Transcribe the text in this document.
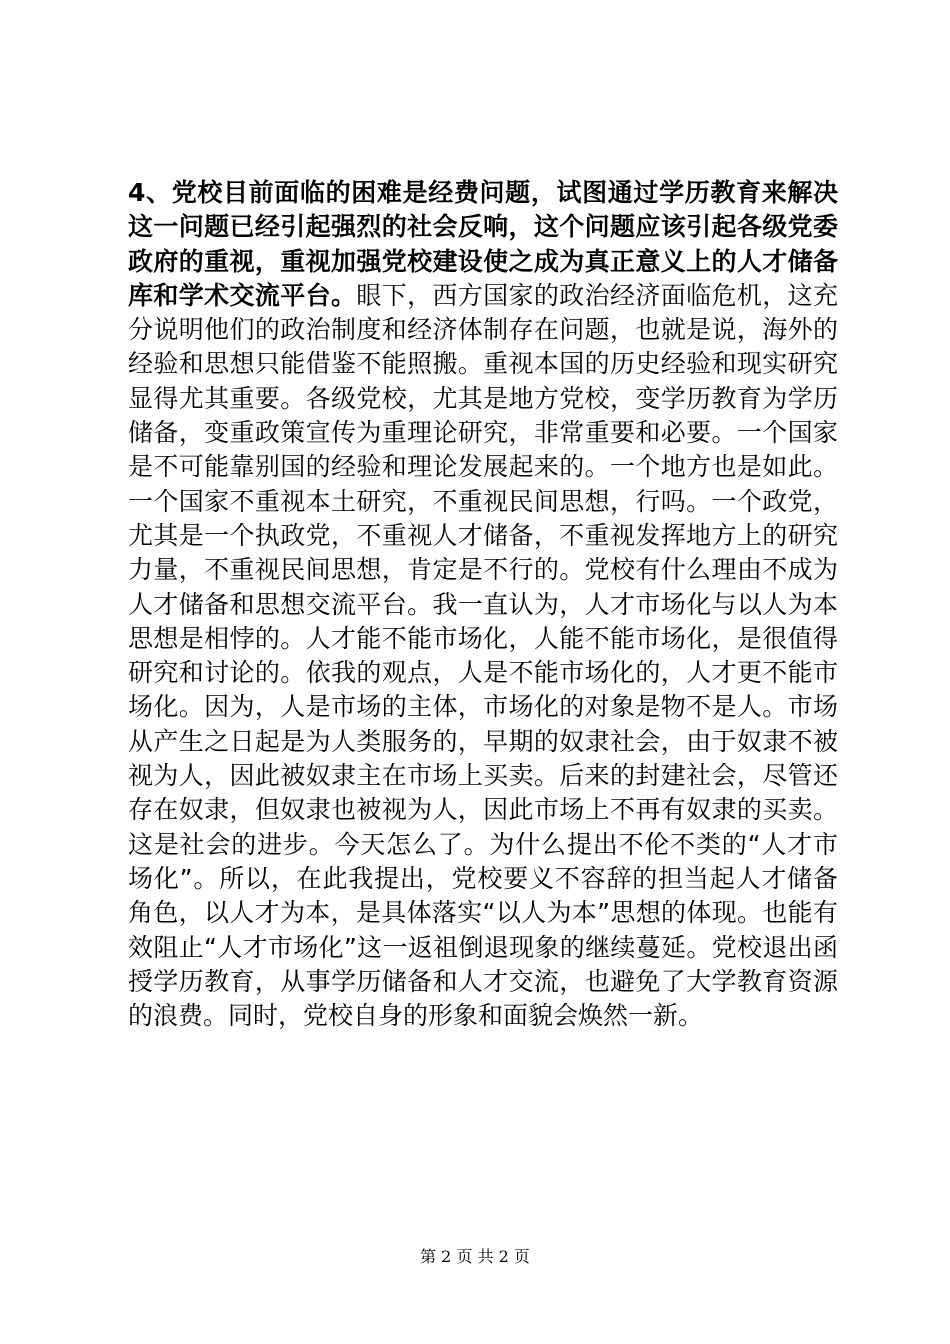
4、党校目前面临的困难是经费问题，试图通过学历教育来解决这一问题已经引起强烈的社会反响，这个问题应该引起各级党委政府的重视，重视加强党校建设使之成为真正意义上的人才储备库和学术交流平台。眼下，西方国家的政治经济面临危机，这充分说明他们的政治制度和经济体制存在问题，也就是说，海外的经验和思想只能借鉴不能照搬。重视本国的历史经验和现实研究显得尤其重要。各级党校，尤其是地方党校，变学历教育为学历储备，变重政策宣传为重理论研究，非常重要和必要。一个国家是不可能靠别国的经验和理论发展起来的。一个地方也是如此。一个国家不重视本土研究，不重视民间思想，行吗。一个政党，尤其是一个执政党，不重视人才储备，不重视发挥地方上的研究力量，不重视民间思想，肯定是不行的。党校有什么理由不成为人才储备和思想交流平台。我一直认为，人才市场化与以人为本思想是相悖的。人才能不能市场化，人能不能市场化，是很值得研究和讨论的。依我的观点，人是不能市场化的，人才更不能市场化。因为，人是市场的主体，市场化的对象是物不是人。市场从产生之日起是为人类服务的，早期的奴隶社会，由于奴隶不被视为人，因此被奴隶主在市场上买卖。后来的封建社会，尽管还存在奴隶，但奴隶也被视为人，因此市场上不再有奴隶的买卖。这是社会的进步。今天怎么了。为什么提出不伦不类的“人才市场化”。所以，在此我提出，党校要义不容辞的担当起人才储备角色，以人才为本，是具体落实“以人为本”思想的体现。也能有效阻止“人才市场化”这一返祖倒退现象的继续蔓延。党校退出函授学历教育，从事学历储备和人才交流，也避免了大学教育资源的浪费。同时，党校自身的形象和面貌会焕然一新。

第 2 页 共 2 页
